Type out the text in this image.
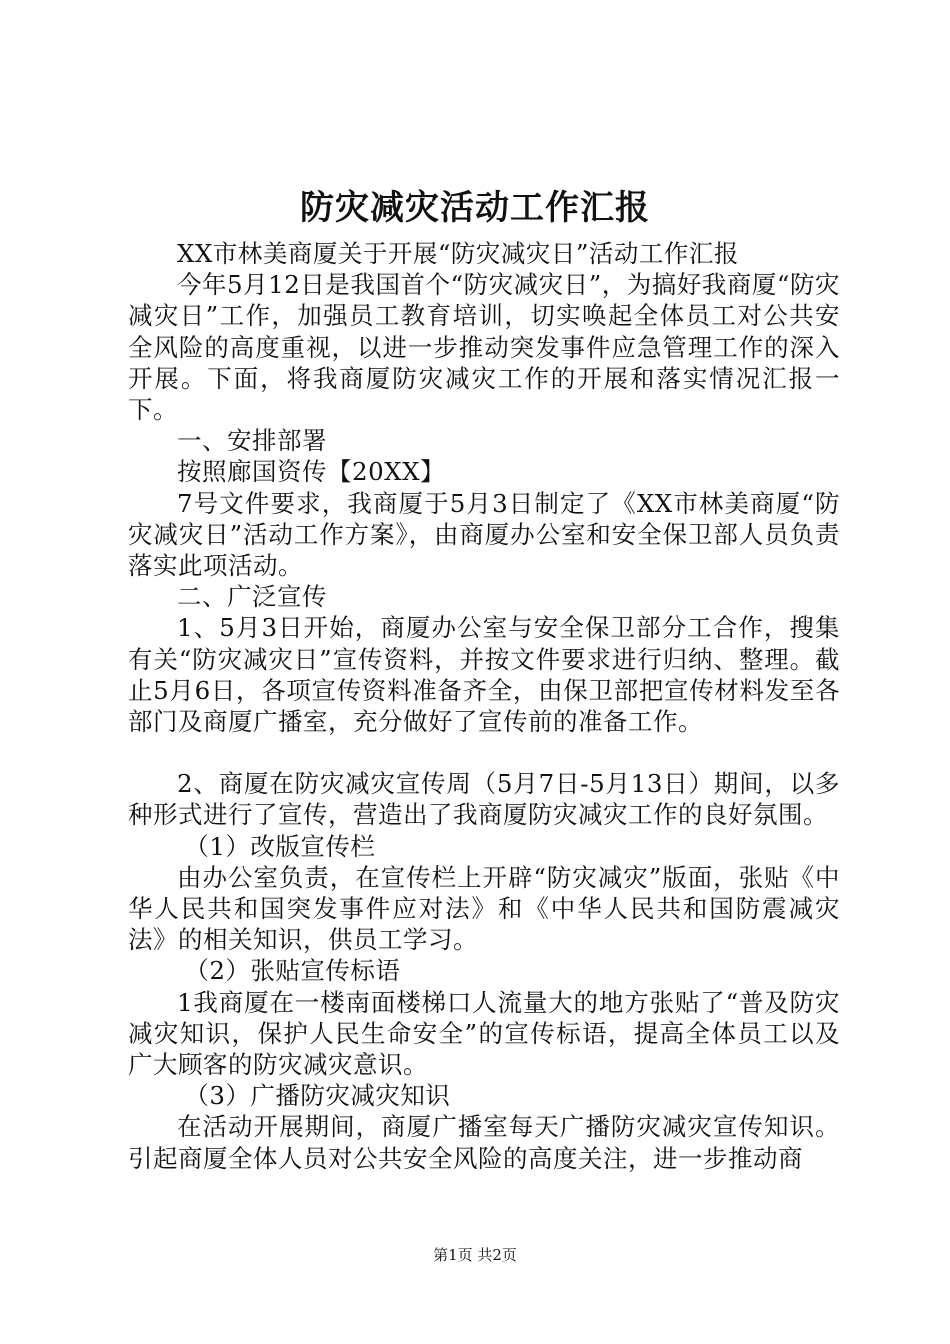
防灾减灾活动工作汇报

XX市林美商厦关于开展“防灾减灾日”活动工作汇报

今年5月12日是我国首个“防灾减灾日”，为搞好我商厦“防灾减灾日”工作，加强员工教育培训，切实唤起全体员工对公共安全风险的高度重视，以进一步推动突发事件应急管理工作的深入开展。下面，将我商厦防灾减灾工作的开展和落实情况汇报一下。

一、安排部署

按照廊国资传【20XX】

7号文件要求，我商厦于5月3日制定了《XX市林美商厦“防灾减灾日”活动工作方案》，由商厦办公室和安全保卫部人员负责落实此项活动。

二、广泛宣传

1、5月3日开始，商厦办公室与安全保卫部分工合作，搜集有关“防灾减灾日”宣传资料，并按文件要求进行归纳、整理。截止5月6日，各项宣传资料准备齐全，由保卫部把宣传材料发至各部门及商厦广播室，充分做好了宣传前的准备工作。

2、商厦在防灾减灾宣传周（5月7日-5月13日）期间，以多种形式进行了宣传，营造出了我商厦防灾减灾工作的良好氛围。

（1）改版宣传栏

由办公室负责，在宣传栏上开辟“防灾减灾”版面，张贴《中华人民共和国突发事件应对法》和《中华人民共和国防震减灾法》的相关知识，供员工学习。

（2）张贴宣传标语

1我商厦在一楼南面楼梯口人流量大的地方张贴了“普及防灾减灾知识，保护人民生命安全”的宣传标语，提高全体员工以及广大顾客的防灾减灾意识。

（3）广播防灾减灾知识

在活动开展期间，商厦广播室每天广播防灾减灾宣传知识。引起商厦全体人员对公共安全风险的高度关注，进一步推动商

第1页 共2页
